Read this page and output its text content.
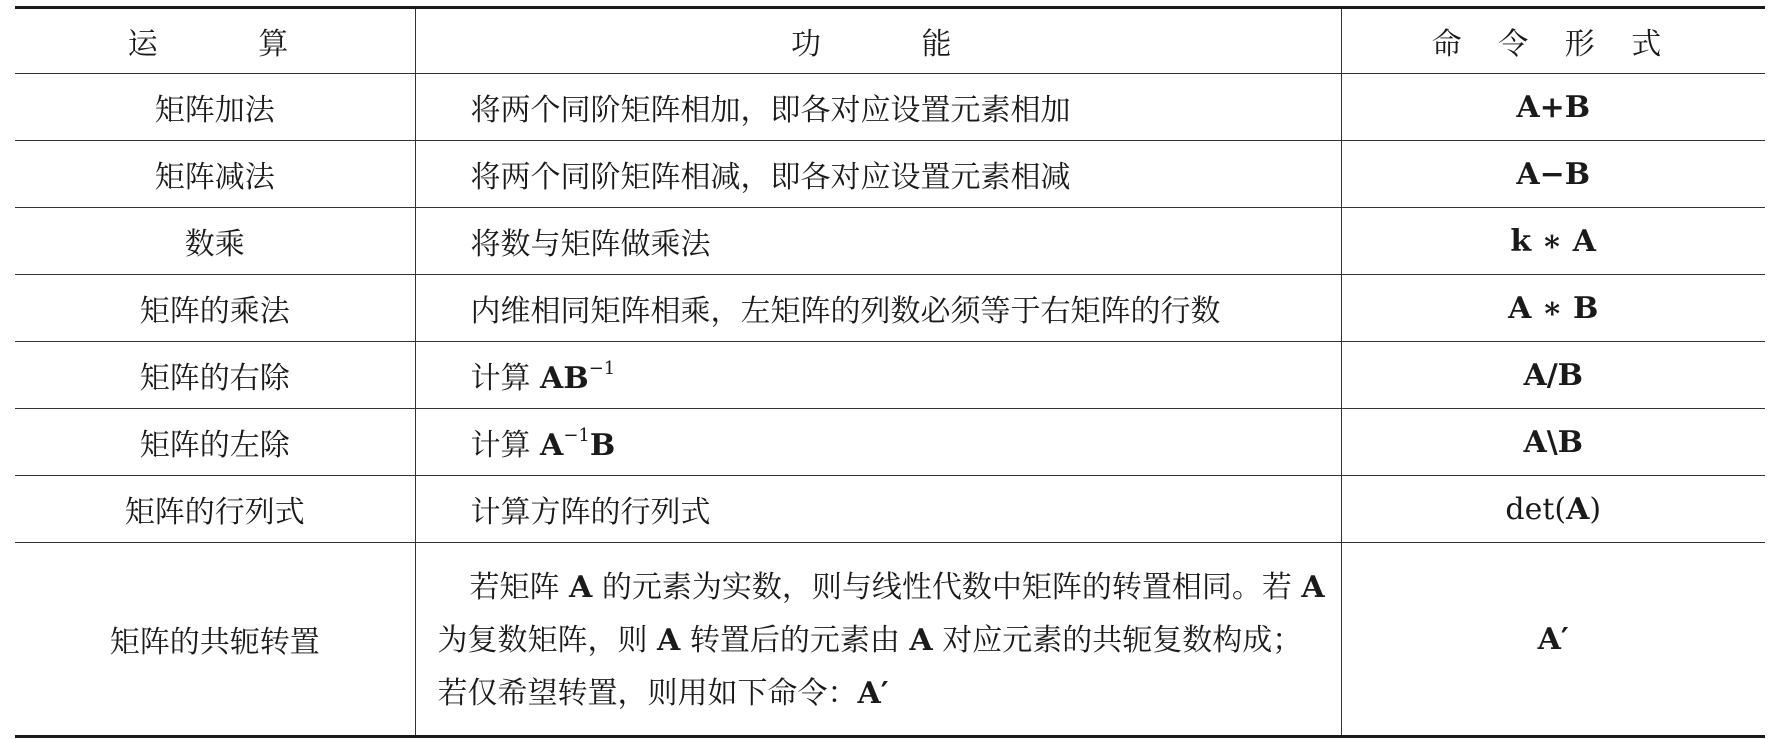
运　　算	功　　能	命 令 形 式
矩阵加法	将两个同阶矩阵相加，即各对应设置元素相加	A+B
矩阵减法	将两个同阶矩阵相减，即各对应设置元素相减	A−B
数乘	将数与矩阵做乘法	k ∗ A
矩阵的乘法	内维相同矩阵相乘，左矩阵的列数必须等于右矩阵的行数	A ∗ B
矩阵的右除	计算 $AB^{-1}$	A/B
矩阵的左除	计算 $A^{-1}B$	A\B
矩阵的行列式	计算方阵的行列式	det(A)
矩阵的共轭转置	若矩阵 A 的元素为实数，则与线性代数中矩阵的转置相同。若 A 为复数矩阵，则 A 转置后的元素由 A 对应元素的共轭复数构成；若仅希望转置，则用如下命令：A′	A′
